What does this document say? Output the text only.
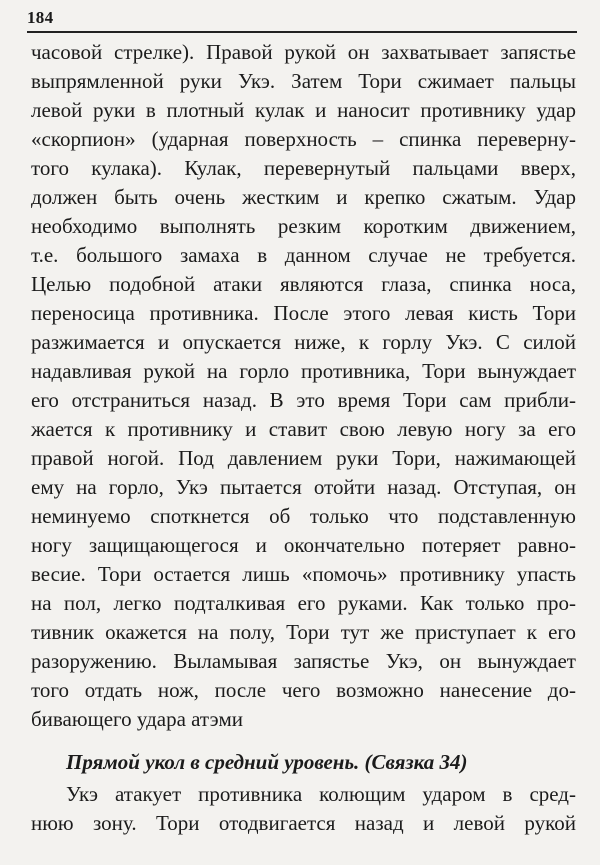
184
часовой стрелке). Правой рукой он захватывает запястье
выпрямленной руки Укэ. Затем Тори сжимает пальцы
левой руки в плотный кулак и наносит противнику удар
«скорпион» (ударная поверхность – спинка переверну-
того кулака). Кулак, перевернутый пальцами вверх,
должен быть очень жестким и крепко сжатым. Удар
необходимо выполнять резким коротким движением,
т.е. большого замаха в данном случае не требуется.
Целью подобной атаки являются глаза, спинка носа,
переносица противника. После этого левая кисть Тори
разжимается и опускается ниже, к горлу Укэ. С силой
надавливая рукой на горло противника, Тори вынуждает
его отстраниться назад. В это время Тори сам прибли-
жается к противнику и ставит свою левую ногу за его
правой ногой. Под давлением руки Тори, нажимающей
ему на горло, Укэ пытается отойти назад. Отступая, он
неминуемо споткнется об только что подставленную
ногу защищающегося и окончательно потеряет равно-
весие. Тори остается лишь «помочь» противнику упасть
на пол, легко подталкивая его руками. Как только про-
тивник окажется на полу, Тори тут же приступает к его
разоружению. Выламывая запястье Укэ, он вынуждает
того отдать нож, после чего возможно нанесение до-
бивающего удара атэми
Прямой укол в средний уровень. (Связка 34)
Укэ атакует противника колющим ударом в сред-
нюю зону. Тори отодвигается назад и левой рукой
